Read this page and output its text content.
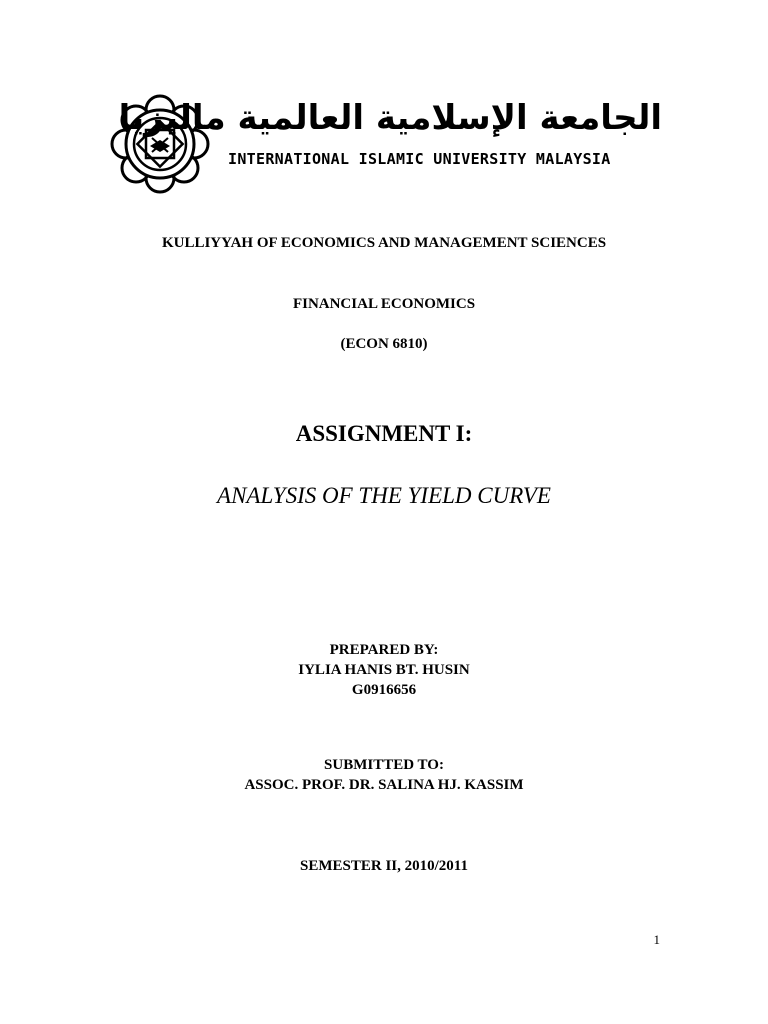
الجامعة الإسلامية العالمية ماليزيا
INTERNATIONAL ISLAMIC UNIVERSITY MALAYSIA
KULLIYYAH OF ECONOMICS AND MANAGEMENT SCIENCES
FINANCIAL ECONOMICS
(ECON 6810)
ASSIGNMENT I:
ANALYSIS OF THE YIELD CURVE
PREPARED BY:
IYLIA HANIS BT. HUSIN
G0916656
SUBMITTED TO:
ASSOC. PROF. DR. SALINA HJ. KASSIM
SEMESTER II, 2010/2011
1
